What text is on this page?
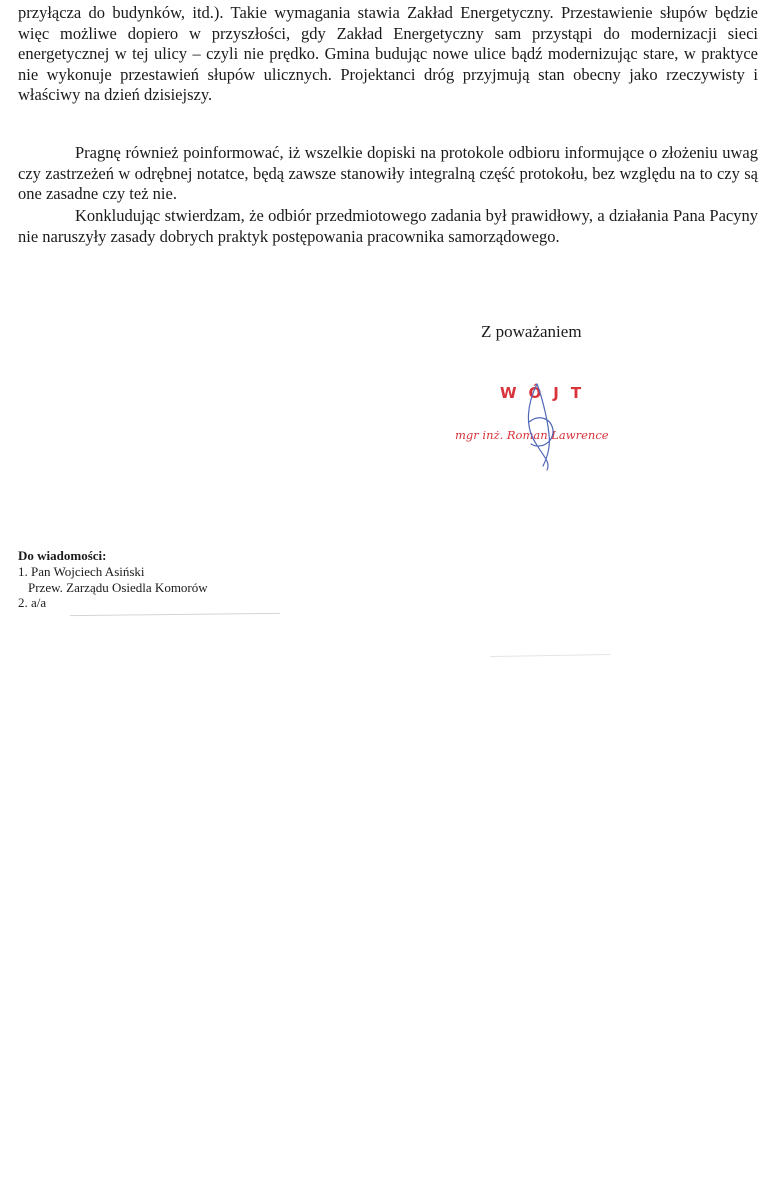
przyłącza do budynków, itd.). Takie wymagania stawia Zakład Energetyczny. Przestawienie słupów będzie więc możliwe dopiero w przyszłości, gdy Zakład Energetyczny sam przystąpi do modernizacji sieci energetycznej w tej ulicy – czyli nie prędko. Gmina budując nowe ulice bądź modernizując stare, w praktyce nie wykonuje przestawień słupów ulicznych. Projektanci dróg przyjmują stan obecny jako rzeczywisty i właściwy na dzień dzisiejszy.
Pragnę również poinformować, iż wszelkie dopiski na protokole odbioru informujące o złożeniu uwag czy zastrzeżeń w odrębnej notatce, będą zawsze stanowiły integralną część protokołu, bez względu na to czy są one zasadne czy też nie.
Konkludując stwierdzam, że odbiór przedmiotowego zadania był prawidłowy, a działania Pana Pacyny nie naruszyły zasady dobrych praktyk postępowania pracownika samorządowego.
Z poważaniem
WÓJT
mgr inż. Roman Lawrence
Do wiadomości:
1. Pan Wojciech Asiński
Przew. Zarządu Osiedla Komorów
2. a/a
